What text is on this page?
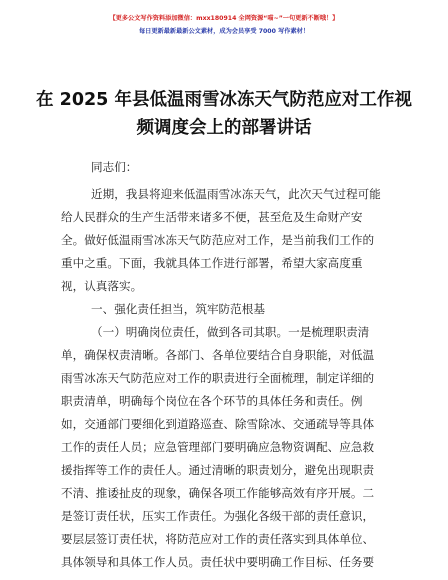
【更多公文写作资料添加微信：mxx180914 全网资源“喵~”一句更新不断哦！】
每日更新最新最新公文素材，成为会员享受 7000 写作素材！
在 2025 年县低温雨雪冰冻天气防范应对工作视
频调度会上的部署讲话

同志们：

近期，我县将迎来低温雨雪冰冻天气，此次天气过程可能

给人民群众的生产生活带来诸多不便，甚至危及生命财产安

全。做好低温雨雪冰冻天气防范应对工作，是当前我们工作的

重中之重。下面，我就具体工作进行部署，希望大家高度重

视，认真落实。

一、强化责任担当，筑牢防范根基

（一）明确岗位责任，做到各司其职。一是梳理职责清

单，确保权责清晰。各部门、各单位要结合自身职能，对低温

雨雪冰冻天气防范应对工作的职责进行全面梳理，制定详细的

职责清单，明确每个岗位在各个环节的具体任务和责任。例

如，交通部门要细化到道路巡查、除雪除冰、交通疏导等具体

工作的责任人员；应急管理部门要明确应急物资调配、应急救

援指挥等工作的责任人。通过清晰的职责划分，避免出现职责

不清、推诿扯皮的现象，确保各项工作能够高效有序开展。二

是签订责任状，压实工作责任。为强化各级干部的责任意识，

要层层签订责任状，将防范应对工作的责任落实到具体单位、

具体领导和具体工作人员。责任状中要明确工作目标、任务要
